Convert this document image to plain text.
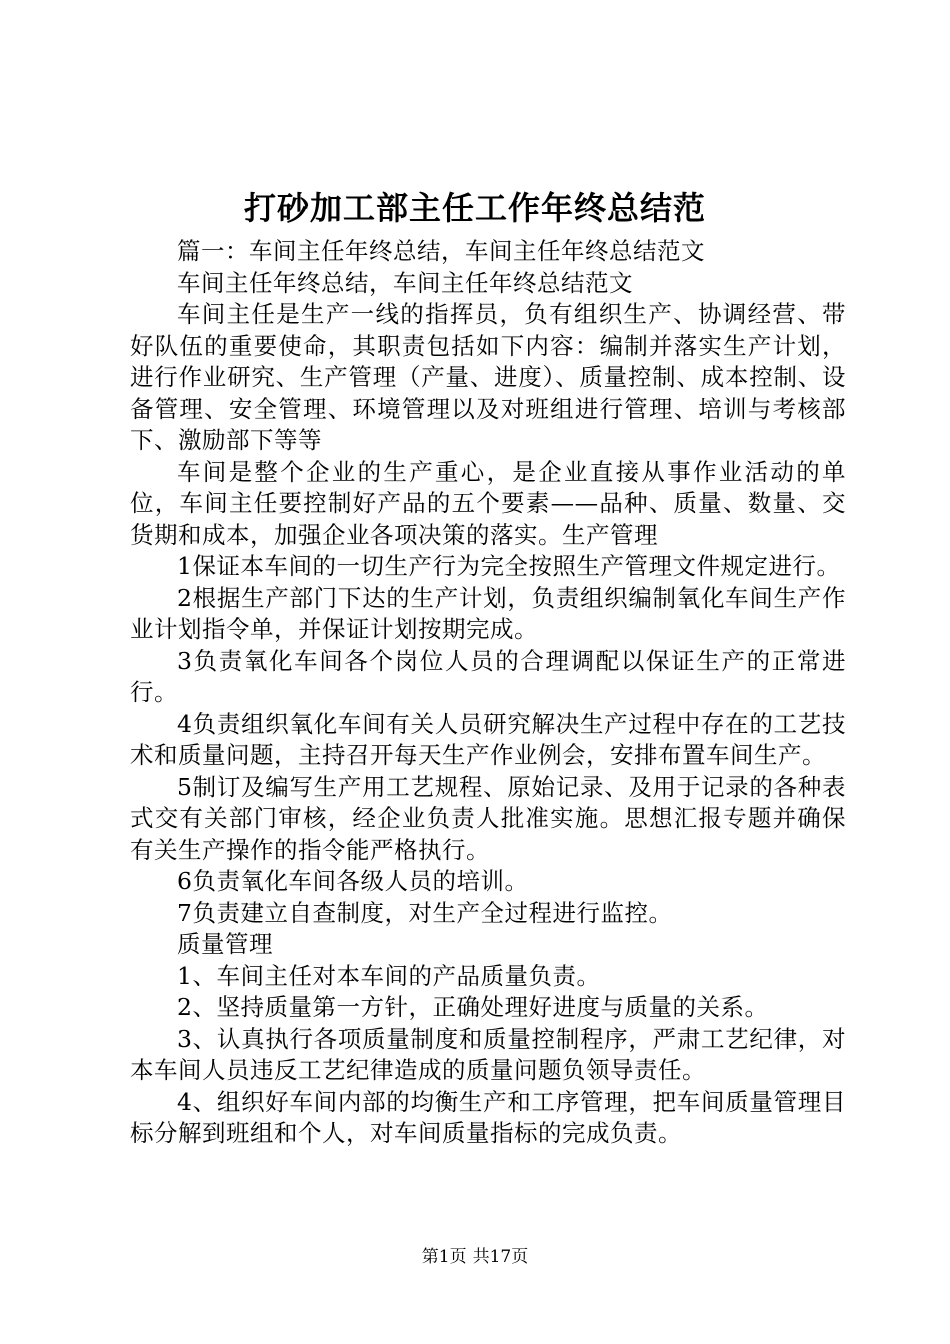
打砂加工部主任工作年终总结范

篇一：车间主任年终总结，车间主任年终总结范文

车间主任年终总结，车间主任年终总结范文

车间主任是生产一线的指挥员，负有组织生产、协调经营、带好队伍的重要使命，其职责包括如下内容：编制并落实生产计划，进行作业研究、生产管理（产量、进度）、质量控制、成本控制、设备管理、安全管理、环境管理以及对班组进行管理、培训与考核部下、激励部下等等

车间是整个企业的生产重心，是企业直接从事作业活动的单位，车间主任要控制好产品的五个要素——品种、质量、数量、交货期和成本，加强企业各项决策的落实。生产管理

1保证本车间的一切生产行为完全按照生产管理文件规定进行。

2根据生产部门下达的生产计划，负责组织编制氧化车间生产作业计划指令单，并保证计划按期完成。

3负责氧化车间各个岗位人员的合理调配以保证生产的正常进行。

4负责组织氧化车间有关人员研究解决生产过程中存在的工艺技术和质量问题，主持召开每天生产作业例会，安排布置车间生产。

5制订及编写生产用工艺规程、原始记录、及用于记录的各种表式交有关部门审核，经企业负责人批准实施。思想汇报专题并确保有关生产操作的指令能严格执行。

6负责氧化车间各级人员的培训。

7负责建立自查制度，对生产全过程进行监控。

质量管理

1、车间主任对本车间的产品质量负责。

2、坚持质量第一方针，正确处理好进度与质量的关系。

3、认真执行各项质量制度和质量控制程序，严肃工艺纪律，对本车间人员违反工艺纪律造成的质量问题负领导责任。

4、组织好车间内部的均衡生产和工序管理，把车间质量管理目标分解到班组和个人，对车间质量指标的完成负责。

第1页 共17页
